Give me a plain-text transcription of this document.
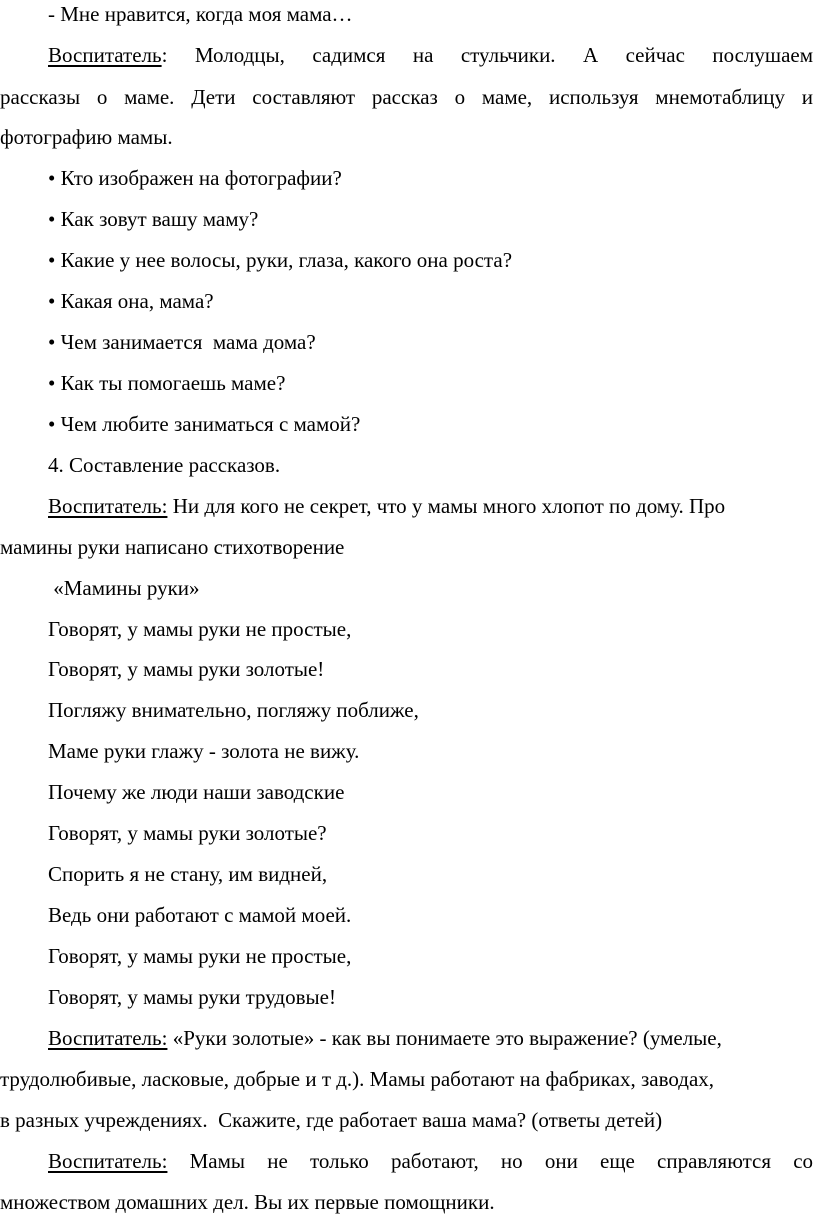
- Мне нравится, когда моя мама…
Воспитатель: Молодцы, садимся на стульчики. А сейчас послушаем
рассказы о маме. Дети составляют рассказ о маме, используя мнемотаблицу и
фотографию мамы.
• Кто изображен на фотографии?
• Как зовут вашу маму?
• Какие у нее волосы, руки, глаза, какого она роста?
• Какая она, мама?
• Чем занимается  мама дома?
• Как ты помогаешь маме?
• Чем любите заниматься с мамой?
4. Составление рассказов.
Воспитатель: Ни для кого не секрет, что у мамы много хлопот по дому. Про
мамины руки написано стихотворение
«Мамины руки»
Говорят, у мамы руки не простые,
Говорят, у мамы руки золотые!
Погляжу внимательно, погляжу поближе,
Маме руки глажу - золота не вижу.
Почему же люди наши заводские
Говорят, у мамы руки золотые?
Спорить я не стану, им видней,
Ведь они работают с мамой моей.
Говорят, у мамы руки не простые,
Говорят, у мамы руки трудовые!
Воспитатель: «Руки золотые» - как вы понимаете это выражение? (умелые,
трудолюбивые, ласковые, добрые и т д.). Мамы работают на фабриках, заводах,
в разных учреждениях.  Скажите, где работает ваша мама? (ответы детей)
Воспитатель: Мамы не только работают, но они еще справляются со
множеством домашних дел. Вы их первые помощники.
